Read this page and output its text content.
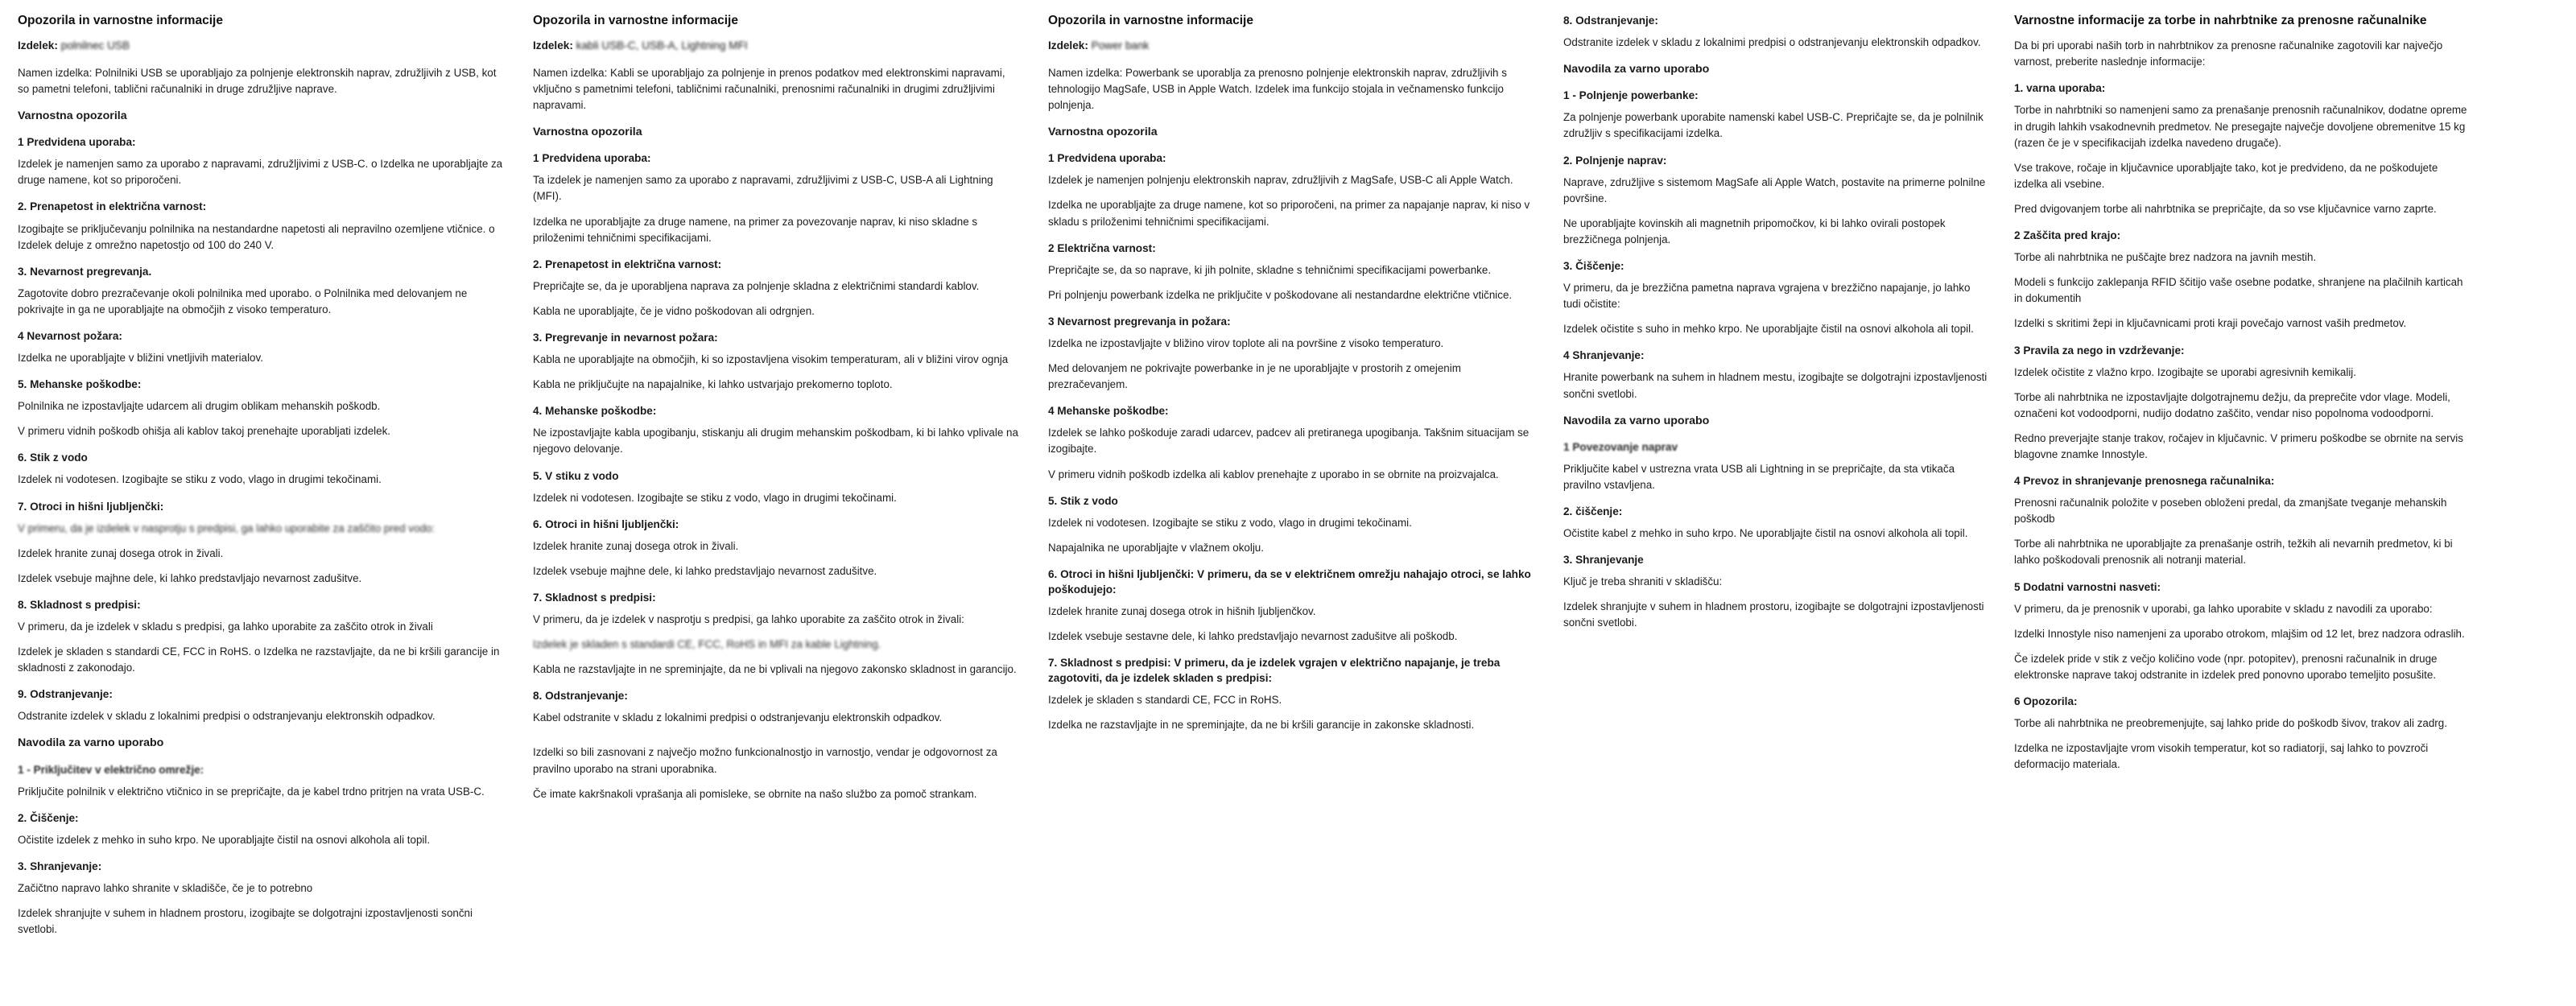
Opozorila in varnostne informacije
Izdelek: polnilnec USB
Namen izdelka: Polnilniki USB se uporabljajo za polnjenje elektronskih naprav, združljivih z USB, kot so pametni telefoni, tablični računalniki in druge združljive naprave.
Varnostna opozorila
1 Predvidena uporaba:
Izdelek je namenjen samo za uporabo z napravami, združljivimi z USB-C. o Izdelka ne uporabljajte za druge namene, kot so priporočeni.
2. Prenapetost in električna varnost:
Izogibajte se priključevanju polnilnika na nestandardne napetosti ali nepravilno ozemljene vtičnice. o Izdelek deluje z omrežno napetostjo od 100 do 240 V.
3. Nevarnost pregrevanja.
Zagotovite dobro prezračevanje okoli polnilnika med uporabo. o Polnilnika med delovanjem ne pokrivajte in ga ne uporabljajte na območjih z visoko temperaturo.
4 Nevarnost požara:
Izdelka ne uporabljajte v bližini vnetljivih materialov.
5. Mehanske poškodbe:
Polnilnika ne izpostavljajte udarcem ali drugim oblikam mehanskih poškodb.
V primeru vidnih poškodb ohišja ali kablov takoj prenehajte uporabljati izdelek.
6. Stik z vodo
Izdelek ni vodotesen. Izogibajte se stiku z vodo, vlago in drugimi tekočinami.
7. Otroci in hišni ljubljenčki:
V primeru, da je izdelek v nasprotju s predpisi, ga lahko uporabite za zaščito pred vodo:
Izdelek hranite zunaj dosega otrok in živali.
Izdelek vsebuje majhne dele, ki lahko predstavljajo nevarnost zadušitve.
8. Skladnost s predpisi:
V primeru, da je izdelek v skladu s predpisi, ga lahko uporabite za zaščito otrok in živali
Izdelek je skladen s standardi CE, FCC in RoHS. o Izdelka ne razstavljajte, da ne bi kršili garancije in skladnosti z zakonodajo.
9. Odstranjevanje:
Odstranite izdelek v skladu z lokalnimi predpisi o odstranjevanju elektronskih odpadkov.
Navodila za varno uporabo
1 - Priključitev v električno omrežje:
Priključite polnilnik v električno vtičnico in se prepričajte, da je kabel trdno pritrjen na vrata USB-C.
2. Čiščenje:
Očistite izdelek z mehko in suho krpo. Ne uporabljajte čistil na osnovi alkohola ali topil.
3. Shranjevanje:
Začičtno napravo lahko shranite v skladišče, če je to potrebno
Izdelek shranjujte v suhem in hladnem prostoru, izogibajte se dolgotrajni izpostavljenosti sončni svetlobi.
Opozorila in varnostne informacije
Izdelek: kabli USB-C, USB-A, Lightning MFI
Namen izdelka: Kabli se uporabljajo za polnjenje in prenos podatkov med elektronskimi napravami, vključno s pametnimi telefoni, tabličnimi računalniki, prenosnimi računalniki in drugimi združljivimi napravami.
Varnostna opozorila
1 Predvidena uporaba:
Ta izdelek je namenjen samo za uporabo z napravami, združljivimi z USB-C, USB-A ali Lightning (MFI).
Izdelka ne uporabljajte za druge namene, na primer za povezovanje naprav, ki niso skladne s priloženimi tehničnimi specifikacijami.
2. Prenapetost in električna varnost:
Prepričajte se, da je uporabljena naprava za polnjenje skladna z električnimi standardi kablov.
Kabla ne uporabljajte, če je vidno poškodovan ali odrgnjen.
3. Pregrevanje in nevarnost požara:
Kabla ne uporabljajte na območjih, ki so izpostavljena visokim temperaturam, ali v bližini virov ognja
Kabla ne priključujte na napajalnike, ki lahko ustvarjajo prekomerno toploto.
4. Mehanske poškodbe:
Ne izpostavljajte kabla upogibanju, stiskanju ali drugim mehanskim poškodbam, ki bi lahko vplivale na njegovo delovanje.
5. V stiku z vodo
Izdelek ni vodotesen. Izogibajte se stiku z vodo, vlago in drugimi tekočinami.
6. Otroci in hišni ljubljenčki:
Izdelek hranite zunaj dosega otrok in živali.
Izdelek vsebuje majhne dele, ki lahko predstavljajo nevarnost zadušitve.
7. Skladnost s predpisi:
V primeru, da je izdelek v nasprotju s predpisi, ga lahko uporabite za zaščito otrok in živali:
Izdelek je skladen s standardi CE, FCC, RoHS in MFI za kable Lightning.
Kabla ne razstavljajte in ne spreminjajte, da ne bi vplivali na njegovo zakonsko skladnost in garancijo.
8. Odstranjevanje:
Kabel odstranite v skladu z lokalnimi predpisi o odstranjevanju elektronskih odpadkov.
Izdelki so bili zasnovani z največjo možno funkcionalnostjo in varnostjo, vendar je odgovornost za pravilno uporabo na strani uporabnika.
Če imate kakršnakoli vprašanja ali pomisleke, se obrnite na našo službo za pomoč strankam.
Opozorila in varnostne informacije
Izdelek: Power bank
Namen izdelka: Powerbank se uporablja za prenosno polnjenje elektronskih naprav, združljivih s tehnologijo MagSafe, USB in Apple Watch. Izdelek ima funkcijo stojala in večnamensko funkcijo polnjenja.
Varnostna opozorila
1 Predvidena uporaba:
Izdelek je namenjen polnjenju elektronskih naprav, združljivih z MagSafe, USB-C ali Apple Watch.
Izdelka ne uporabljajte za druge namene, kot so priporočeni, na primer za napajanje naprav, ki niso v skladu s priloženimi tehničnimi specifikacijami.
2 Električna varnost:
Prepričajte se, da so naprave, ki jih polnite, skladne s tehničnimi specifikacijami powerbanke.
Pri polnjenju powerbank izdelka ne priključite v poškodovane ali nestandardne električne vtičnice.
3 Nevarnost pregrevanja in požara:
Izdelka ne izpostavljajte v bližino virov toplote ali na površine z visoko temperaturo.
Med delovanjem ne pokrivajte powerbanke in je ne uporabljajte v prostorih z omejenim prezračevanjem.
4 Mehanske poškodbe:
Izdelek se lahko poškoduje zaradi udarcev, padcev ali pretiranega upogibanja. Takšnim situacijam se izogibajte.
V primeru vidnih poškodb izdelka ali kablov prenehajte z uporabo in se obrnite na proizvajalca.
5. Stik z vodo
Izdelek ni vodotesen. Izogibajte se stiku z vodo, vlago in drugimi tekočinami.
Napajalnika ne uporabljajte v vlažnem okolju.
6. Otroci in hišni ljubljenčki: V primeru, da se v električnem omrežju nahajajo otroci, se lahko poškodujejo:
Izdelek hranite zunaj dosega otrok in hišnih ljubljenčkov.
Izdelek vsebuje sestavne dele, ki lahko predstavljajo nevarnost zadušitve ali poškodb.
7. Skladnost s predpisi: V primeru, da je izdelek vgrajen v električno napajanje, je treba zagotoviti, da je izdelek skladen s predpisi:
Izdelek je skladen s standardi CE, FCC in RoHS.
Izdelka ne razstavljajte in ne spreminjajte, da ne bi kršili garancije in zakonske skladnosti.
8. Odstranjevanje:
Odstranite izdelek v skladu z lokalnimi predpisi o odstranjevanju elektronskih odpadkov.
Navodila za varno uporabo
1 - Polnjenje powerbanke:
Za polnjenje powerbank uporabite namenski kabel USB-C. Prepričajte se, da je polnilnik združljiv s specifikacijami izdelka.
2. Polnjenje naprav:
Naprave, združljive s sistemom MagSafe ali Apple Watch, postavite na primerne polnilne površine.
Ne uporabljajte kovinskih ali magnetnih pripomočkov, ki bi lahko ovirali postopek brezžičnega polnjenja.
3. Čiščenje:
V primeru, da je brezžična pametna naprava vgrajena v brezžično napajanje, jo lahko tudi očistite:
Izdelek očistite s suho in mehko krpo. Ne uporabljajte čistil na osnovi alkohola ali topil.
4 Shranjevanje:
Hranite powerbank na suhem in hladnem mestu, izogibajte se dolgotrajni izpostavljenosti sončni svetlobi.
Navodila za varno uporabo
1 Povezovanje naprav
Priključite kabel v ustrezna vrata USB ali Lightning in se prepričajte, da sta vtikača pravilno vstavljena.
2. čiščenje:
Očistite kabel z mehko in suho krpo. Ne uporabljajte čistil na osnovi alkohola ali topil.
3. Shranjevanje
Ključ je treba shraniti v skladišču:
Izdelek shranjujte v suhem in hladnem prostoru, izogibajte se dolgotrajni izpostavljenosti sončni svetlobi.
Varnostne informacije za torbe in nahrbtnike za prenosne računalnike
Da bi pri uporabi naših torb in nahrbtnikov za prenosne računalnike zagotovili kar največjo varnost, preberite naslednje informacije:
1. varna uporaba:
Torbe in nahrbtniki so namenjeni samo za prenašanje prenosnih računalnikov, dodatne opreme in drugih lahkih vsakodnevnih predmetov. Ne presegajte največje dovoljene obremenitve 15 kg (razen če je v specifikacijah izdelka navedeno drugače).
Vse trakove, ročaje in ključavnice uporabljajte tako, kot je predvideno, da ne poškodujete izdelka ali vsebine.
Pred dvigovanjem torbe ali nahrbtnika se prepričajte, da so vse ključavnice varno zaprte.
2 Zaščita pred krajo:
Torbe ali nahrbtnika ne puščajte brez nadzora na javnih mestih.
Modeli s funkcijo zaklepanja RFID ščitijo vaše osebne podatke, shranjene na plačilnih karticah in dokumentih
Izdelki s skritimi žepi in ključavnicami proti kraji povečajo varnost vaših predmetov.
3 Pravila za nego in vzdrževanje:
Izdelek očistite z vlažno krpo. Izogibajte se uporabi agresivnih kemikalij.
Torbe ali nahrbtnika ne izpostavljajte dolgotrajnemu dežju, da preprečite vdor vlage. Modeli, označeni kot vodoodporni, nudijo dodatno zaščito, vendar niso popolnoma vodoodporni.
Redno preverjajte stanje trakov, ročajev in ključavnic. V primeru poškodbe se obrnite na servis blagovne znamke Innostyle.
4 Prevoz in shranjevanje prenosnega računalnika:
Prenosni računalnik položite v poseben obloženi predal, da zmanjšate tveganje mehanskih poškodb
Torbe ali nahrbtnika ne uporabljajte za prenašanje ostrih, težkih ali nevarnih predmetov, ki bi lahko poškodovali prenosnik ali notranji material.
5 Dodatni varnostni nasveti:
V primeru, da je prenosnik v uporabi, ga lahko uporabite v skladu z navodili za uporabo:
Izdelki Innostyle niso namenjeni za uporabo otrokom, mlajšim od 12 let, brez nadzora odraslih.
Če izdelek pride v stik z večjo količino vode (npr. potopitev), prenosni računalnik in druge elektronske naprave takoj odstranite in izdelek pred ponovno uporabo temeljito posušite.
6 Opozorila:
Torbe ali nahrbtnika ne preobremenjujte, saj lahko pride do poškodb šivov, trakov ali zadrg.
Izdelka ne izpostavljajte vrom visokih temperatur, kot so radiatorji, saj lahko to povzroči deformacijo materiala.
